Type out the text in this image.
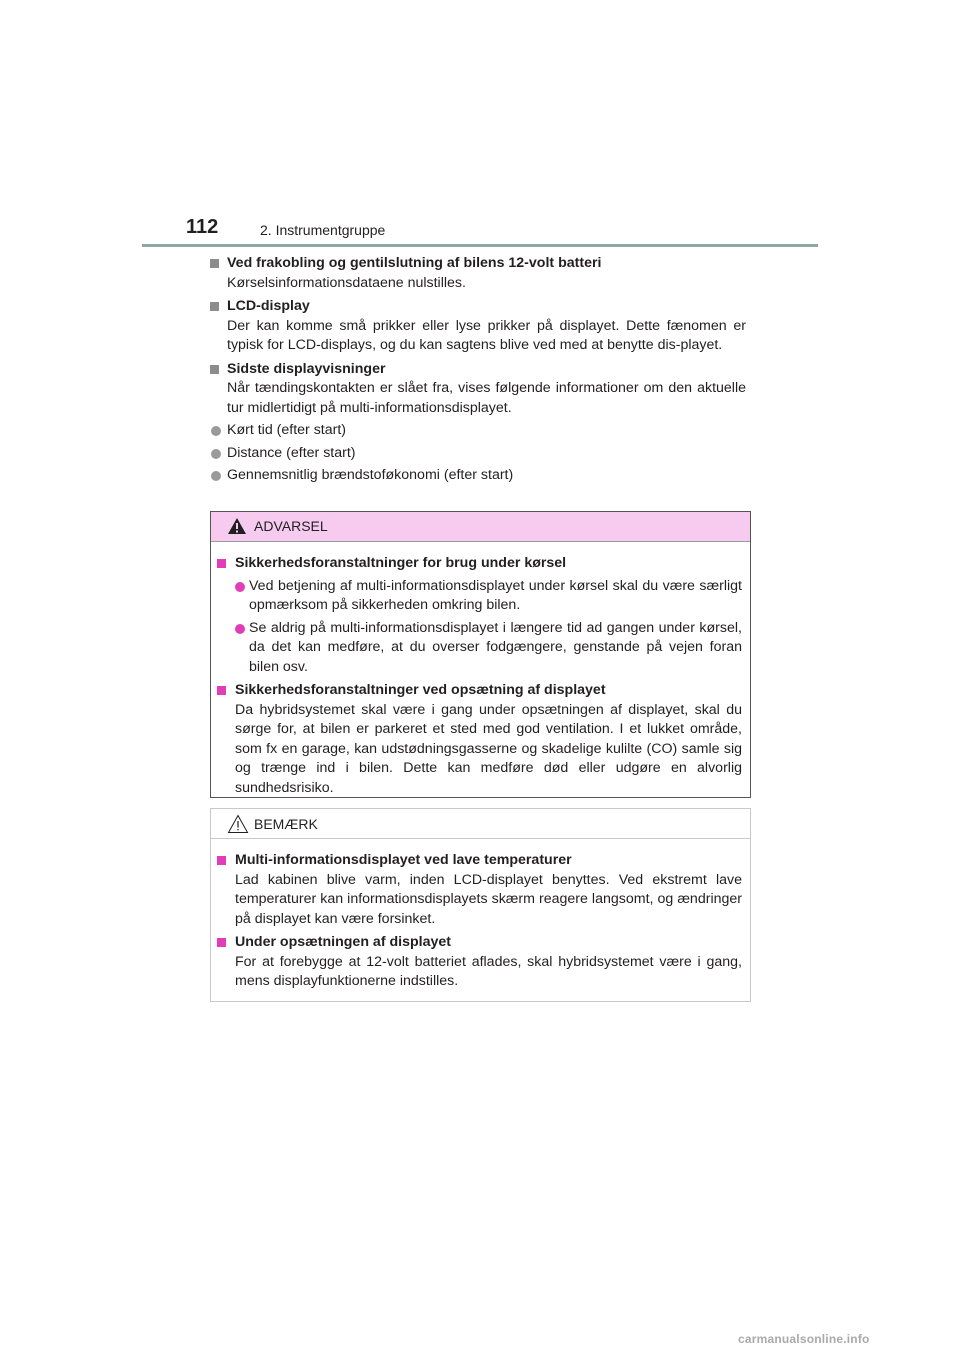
112	2. Instrumentgruppe
Ved frakobling og gentilslutning af bilens 12-volt batteri
Kørselsinformationsdataene nulstilles.
LCD-display
Der kan komme små prikker eller lyse prikker på displayet. Dette fænomen er typisk for LCD-displays, og du kan sagtens blive ved med at benytte dis-playet.
Sidste displayvisninger
Når tændingskontakten er slået fra, vises følgende informationer om den aktuelle tur midlertidigt på multi-informationsdisplayet.
Kørt tid (efter start)
Distance (efter start)
Gennemsnitlig brændstoføkonomi (efter start)
ADVARSEL
Sikkerhedsforanstaltninger for brug under kørsel
Ved betjening af multi-informationsdisplayet under kørsel skal du være særligt opmærksom på sikkerheden omkring bilen.
Se aldrig på multi-informationsdisplayet i længere tid ad gangen under kørsel, da det kan medføre, at du overser fodgængere, genstande på vejen foran bilen osv.
Sikkerhedsforanstaltninger ved opsætning af displayet
Da hybridsystemet skal være i gang under opsætningen af displayet, skal du sørge for, at bilen er parkeret et sted med god ventilation. I et lukket område, som fx en garage, kan udstødningsgasserne og skadelige kulilte (CO) samle sig og trænge ind i bilen. Dette kan medføre død eller udgøre en alvorlig sundhedsrisiko.
BEMÆRK
Multi-informationsdisplayet ved lave temperaturer
Lad kabinen blive varm, inden LCD-displayet benyttes. Ved ekstremt lave temperaturer kan informationsdisplayets skærm reagere langsomt, og ændringer på displayet kan være forsinket.
Under opsætningen af displayet
For at forebygge at 12-volt batteriet aflades, skal hybridsystemet være i gang, mens displayfunktionerne indstilles.
carmanualsonline.info
